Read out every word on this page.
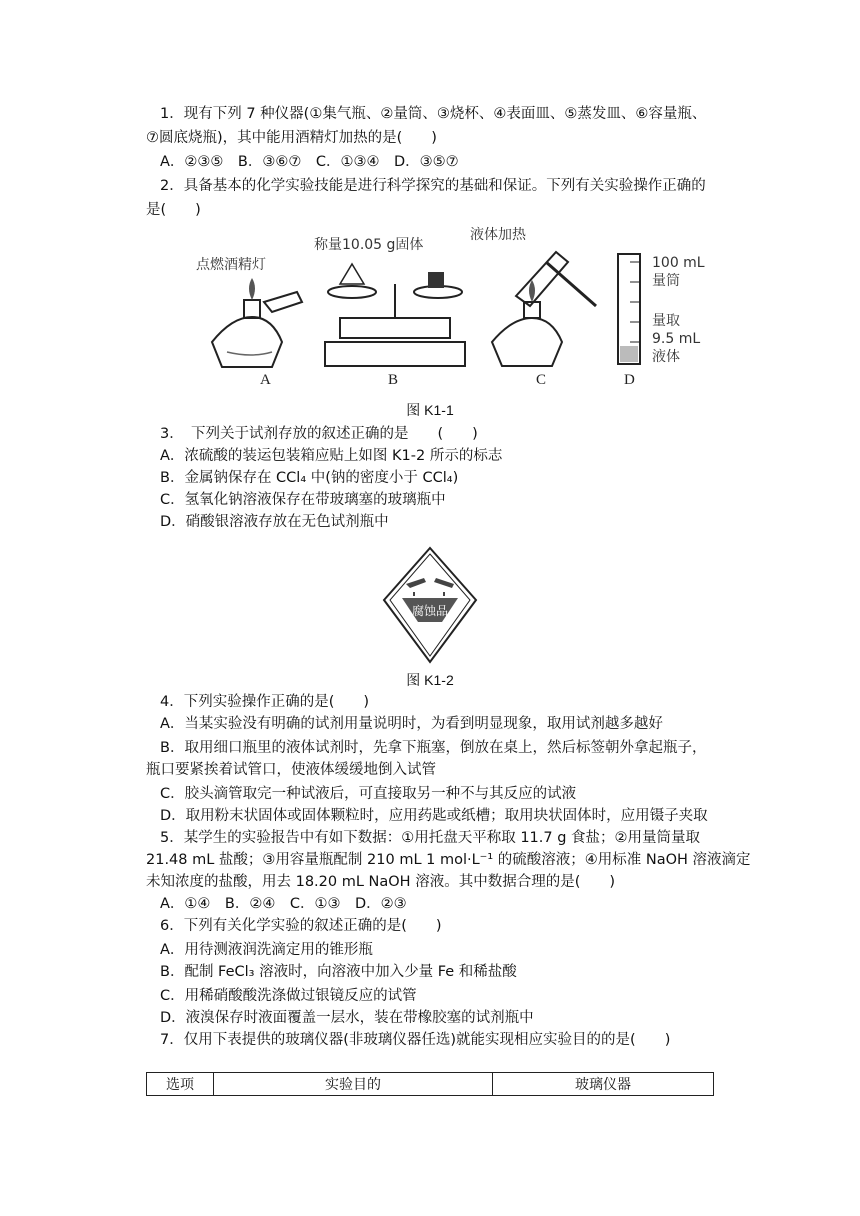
1．现有下列 7 种仪器(①集气瓶、②量筒、③烧杯、④表面皿、⑤蒸发皿、⑥容量瓶、
⑦圆底烧瓶)，其中能用酒精灯加热的是(　　)
A．②③⑤　B．③⑥⑦　C．①③④　D．③⑤⑦
2．具备基本的化学实验技能是进行科学探究的基础和保证。下列有关实验操作正确的
是(　　)
点燃酒精灯
A
称量10.05 g固体
B
液体加热
C
100 mL
量筒
量取
9.5 mL
液体
D
图 K1-1
3．　下列关于试剂存放的叙述正确的是　　(　　)
A．浓硫酸的装运包装箱应贴上如图 K1-2 所示的标志
B．金属钠保存在 CCl₄ 中(钠的密度小于 CCl₄)
C．氢氧化钠溶液保存在带玻璃塞的玻璃瓶中
D．硝酸银溶液存放在无色试剂瓶中
腐蚀品
图 K1-2
4．下列实验操作正确的是(　　)
A．当某实验没有明确的试剂用量说明时，为看到明显现象，取用试剂越多越好
B．取用细口瓶里的液体试剂时，先拿下瓶塞，倒放在桌上，然后标签朝外拿起瓶子，
瓶口要紧挨着试管口，使液体缓缓地倒入试管
C．胶头滴管取完一种试液后，可直接取另一种不与其反应的试液
D．取用粉末状固体或固体颗粒时，应用药匙或纸槽；取用块状固体时，应用镊子夹取
5．某学生的实验报告中有如下数据：①用托盘天平称取 11.7 g 食盐；②用量筒量取
21.48 mL 盐酸；③用容量瓶配制 210 mL 1 mol·L⁻¹ 的硫酸溶液；④用标准 NaOH 溶液滴定
未知浓度的盐酸，用去 18.20 mL NaOH 溶液。其中数据合理的是(　　)
A．①④　B．②④　C．①③　D．②③
6．下列有关化学实验的叙述正确的是(　　)
A．用待测液润洗滴定用的锥形瓶
B．配制 FeCl₃ 溶液时，向溶液中加入少量 Fe 和稀盐酸
C．用稀硝酸酸洗涤做过银镜反应的试管
D．液溴保存时液面覆盖一层水，装在带橡胶塞的试剂瓶中
7．仅用下表提供的玻璃仪器(非玻璃仪器任选)就能实现相应实验目的的是(　　)
选项	实验目的	玻璃仪器
